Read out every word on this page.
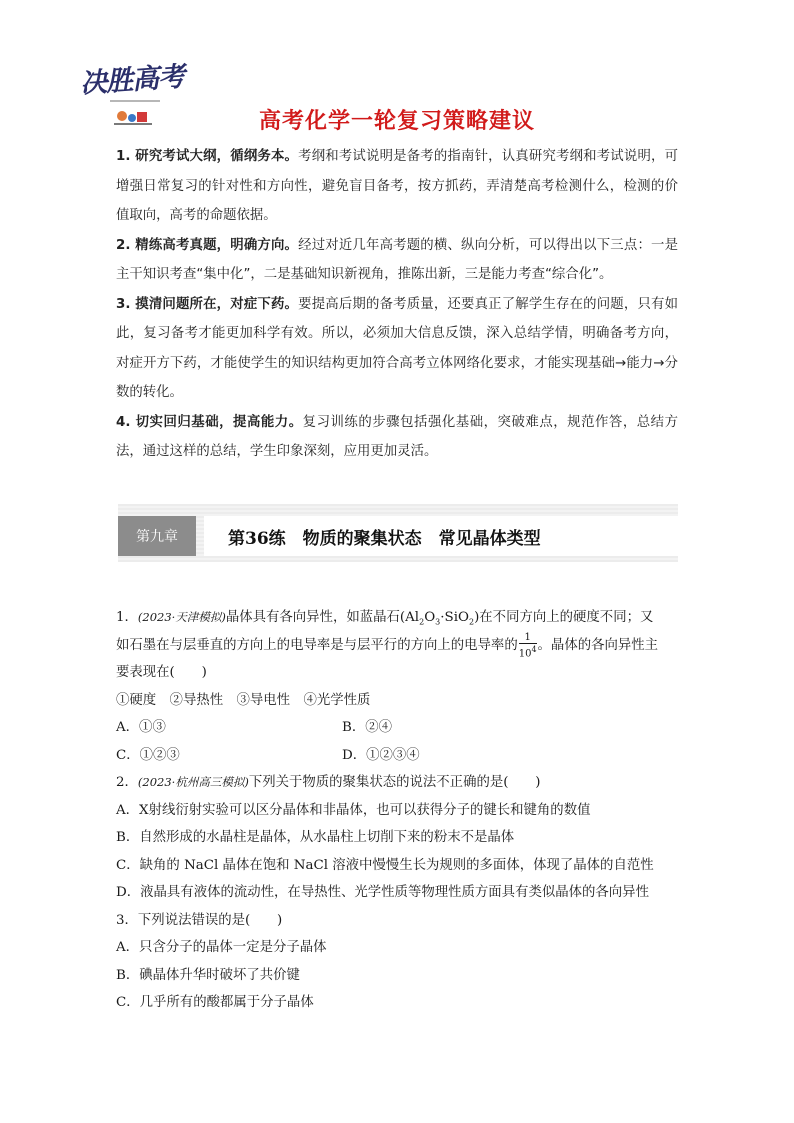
决胜高考
高考化学一轮复习策略建议

1. 研究考试大纲，循纲务本。考纲和考试说明是备考的指南针，认真研究考纲和考试说明，可增强日常复习的针对性和方向性，避免盲目备考，按方抓药，弄清楚高考检测什么，检测的价值取向，高考的命题依据。

2. 精练高考真题，明确方向。经过对近几年高考题的横、纵向分析，可以得出以下三点：一是主干知识考查“集中化”，二是基础知识新视角，推陈出新，三是能力考查“综合化”。

3. 摸清问题所在，对症下药。要提高后期的备考质量，还要真正了解学生存在的问题，只有如此，复习备考才能更加科学有效。所以，必须加大信息反馈，深入总结学情，明确备考方向，对症开方下药，才能使学生的知识结构更加符合高考立体网络化要求，才能实现基础→能力→分数的转化。

4. 切实回归基础，提高能力。复习训练的步骤包括强化基础，突破难点，规范作答，总结方法，通过这样的总结，学生印象深刻，应用更加灵活。

第九章	第36练　物质的聚集状态　常见晶体类型
1．(2023·天津模拟)晶体具有各向异性，如蓝晶石$(Al_2O_3\cdot SiO_2)$在不同方向上的硬度不同；又
如石墨在与层垂直的方向上的电导率是与层平行的方向上的电导率的 $\frac{1}{10^4}$ 。晶体的各向异性主
要表现在(　　)
①硬度　②导热性　③导电性　④光学性质
A．①③	B．②④
C．①②③	D．①②③④
2．(2023·杭州高三模拟)下列关于物质的聚集状态的说法不正确的是(　　)
A．X射线衍射实验可以区分晶体和非晶体，也可以获得分子的键长和键角的数值
B．自然形成的水晶柱是晶体，从水晶柱上切削下来的粉末不是晶体
C．缺角的 NaCl 晶体在饱和 NaCl 溶液中慢慢生长为规则的多面体，体现了晶体的自范性
D．液晶具有液体的流动性，在导热性、光学性质等物理性质方面具有类似晶体的各向异性
3．下列说法错误的是(　　)
A．只含分子的晶体一定是分子晶体
B．碘晶体升华时破坏了共价键
C．几乎所有的酸都属于分子晶体
